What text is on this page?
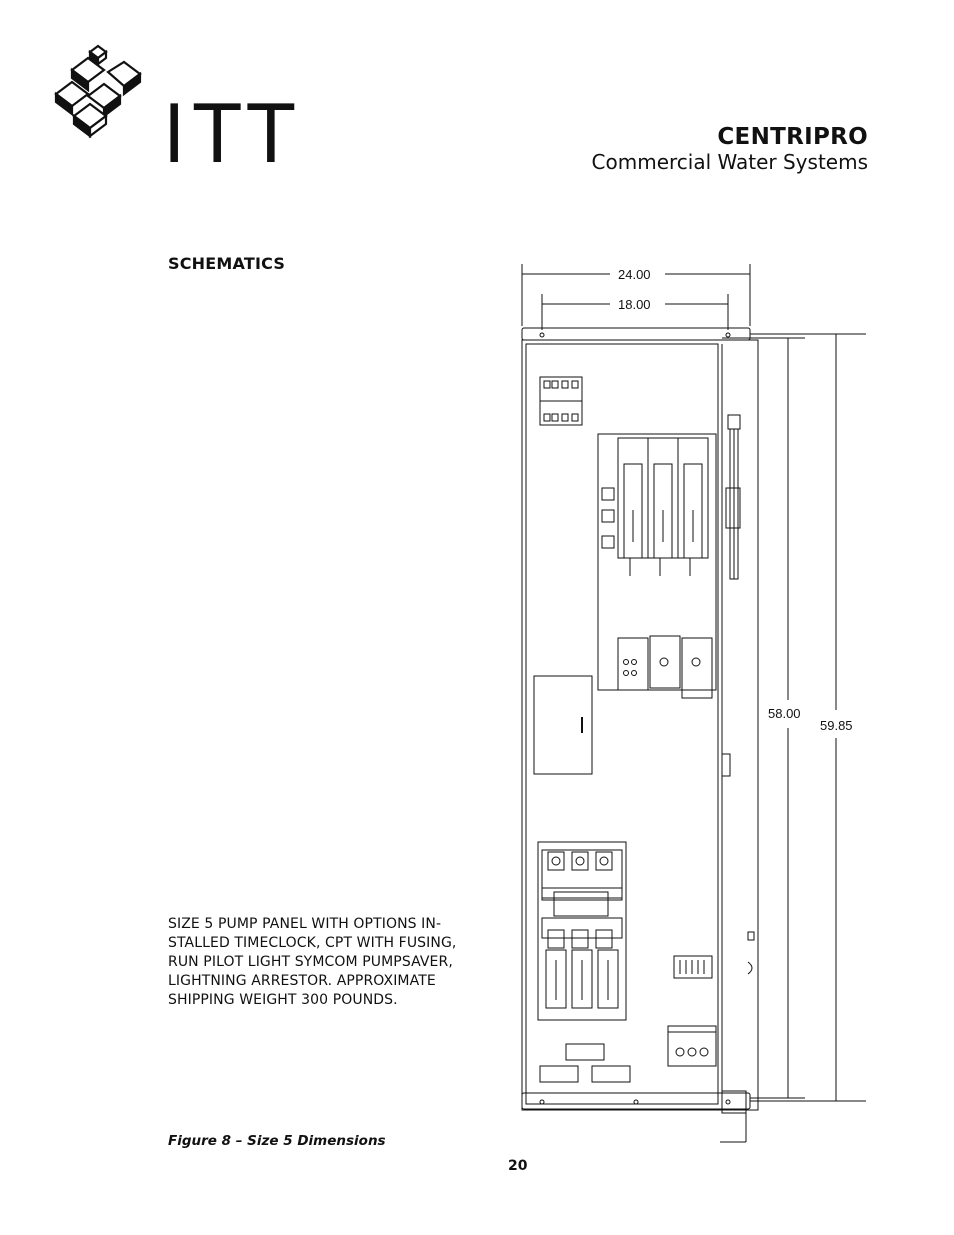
ITT	CENTRIPRO
Commercial Water Systems
SCHEMATICS
SIZE 5 PUMP PANEL WITH OPTIONS IN-
STALLED TIMECLOCK, CPT WITH FUSING,
RUN PILOT LIGHT SYMCOM PUMPSAVER,
LIGHTNING ARRESTOR. APPROXIMATE
SHIPPING WEIGHT 300 POUNDS.
Figure 8 – Size 5 Dimensions
20
24.00
18.00
58.00
59.85
